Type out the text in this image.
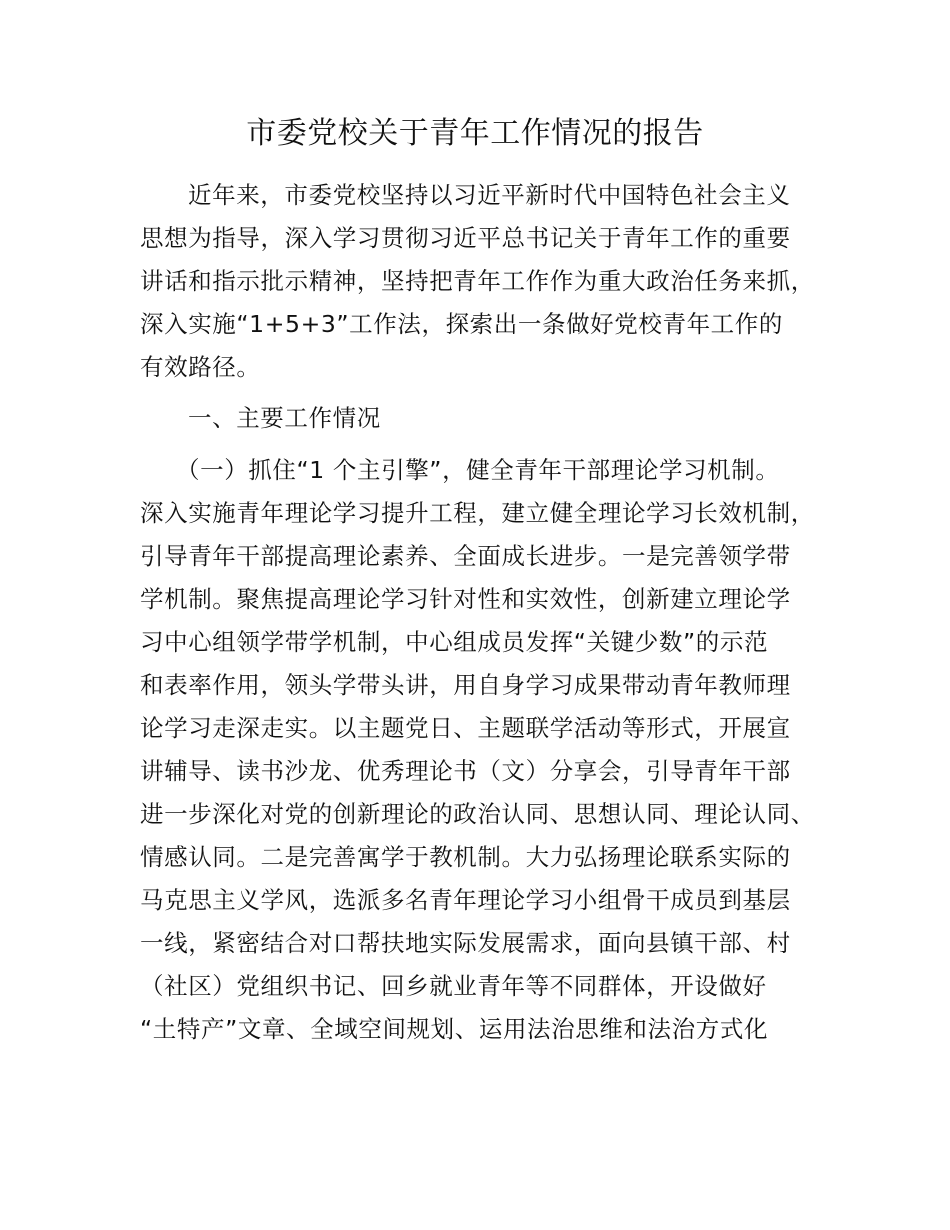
市委党校关于青年工作情况的报告
近年来，市委党校坚持以习近平新时代中国特色社会主义
思想为指导，深入学习贯彻习近平总书记关于青年工作的重要
讲话和指示批示精神，坚持把青年工作作为重大政治任务来抓，
深入实施“1+5+3”工作法，探索出一条做好党校青年工作的
有效路径。
一、主要工作情况
（一）抓住“1 个主引擎”，健全青年干部理论学习机制。
深入实施青年理论学习提升工程，建立健全理论学习长效机制，
引导青年干部提高理论素养、全面成长进步。一是完善领学带
学机制。聚焦提高理论学习针对性和实效性，创新建立理论学
习中心组领学带学机制，中心组成员发挥“关键少数”的示范
和表率作用，领头学带头讲，用自身学习成果带动青年教师理
论学习走深走实。以主题党日、主题联学活动等形式，开展宣
讲辅导、读书沙龙、优秀理论书（文）分享会，引导青年干部
进一步深化对党的创新理论的政治认同、思想认同、理论认同、
情感认同。二是完善寓学于教机制。大力弘扬理论联系实际的
马克思主义学风，选派多名青年理论学习小组骨干成员到基层
一线，紧密结合对口帮扶地实际发展需求，面向县镇干部、村
（社区）党组织书记、回乡就业青年等不同群体，开设做好
“土特产”文章、全域空间规划、运用法治思维和法治方式化
